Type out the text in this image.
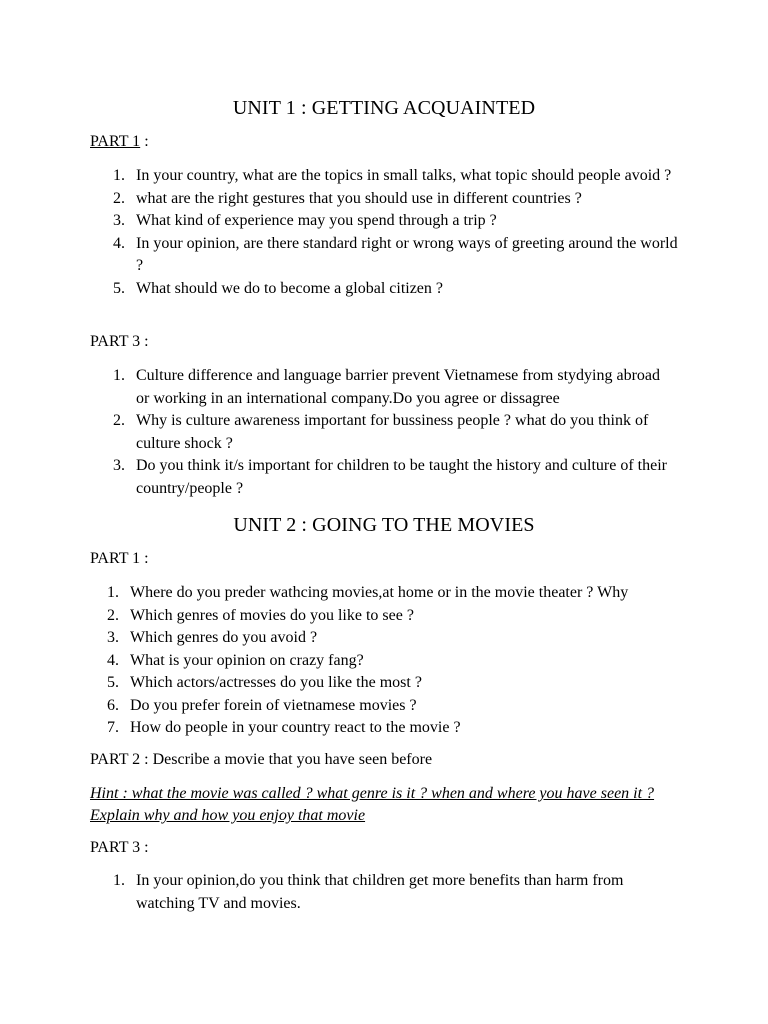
UNIT 1 : GETTING ACQUAINTED
PART 1 :
1. In your country, what are the topics in small talks, what topic should people avoid ?
2. what are the right gestures that you should use in different countries ?
3. What kind of experience may you spend through a trip ?
4. In your opinion, are there standard right or wrong ways of greeting around the world ?
5. What should we do to become a global citizen ?
PART 3 :
1. Culture difference and language barrier prevent Vietnamese from stydying abroad or working in an international company.Do you agree or dissagree
2. Why is culture awareness important for bussiness people ? what do you think of culture shock ?
3. Do you think it/s important for children to be taught the history and culture of their country/people ?
UNIT 2 : GOING TO THE MOVIES
PART 1 :
1. Where do you preder wathcing movies,at home or in the movie theater ? Why
2. Which genres of movies do you like to see ?
3. Which genres do you avoid ?
4. What is your opinion on crazy fang?
5. Which actors/actresses do you like the most ?
6. Do you prefer forein of vietnamese movies ?
7. How do people in your country react to the movie ?
PART 2 : Describe a movie that you have seen before
Hint : what the movie was called ? what genre is it ? when and where you have seen it ? Explain why and how you enjoy that movie
PART 3 :
1. In your opinion,do you think that children get more benefits than harm from watching TV and movies.
